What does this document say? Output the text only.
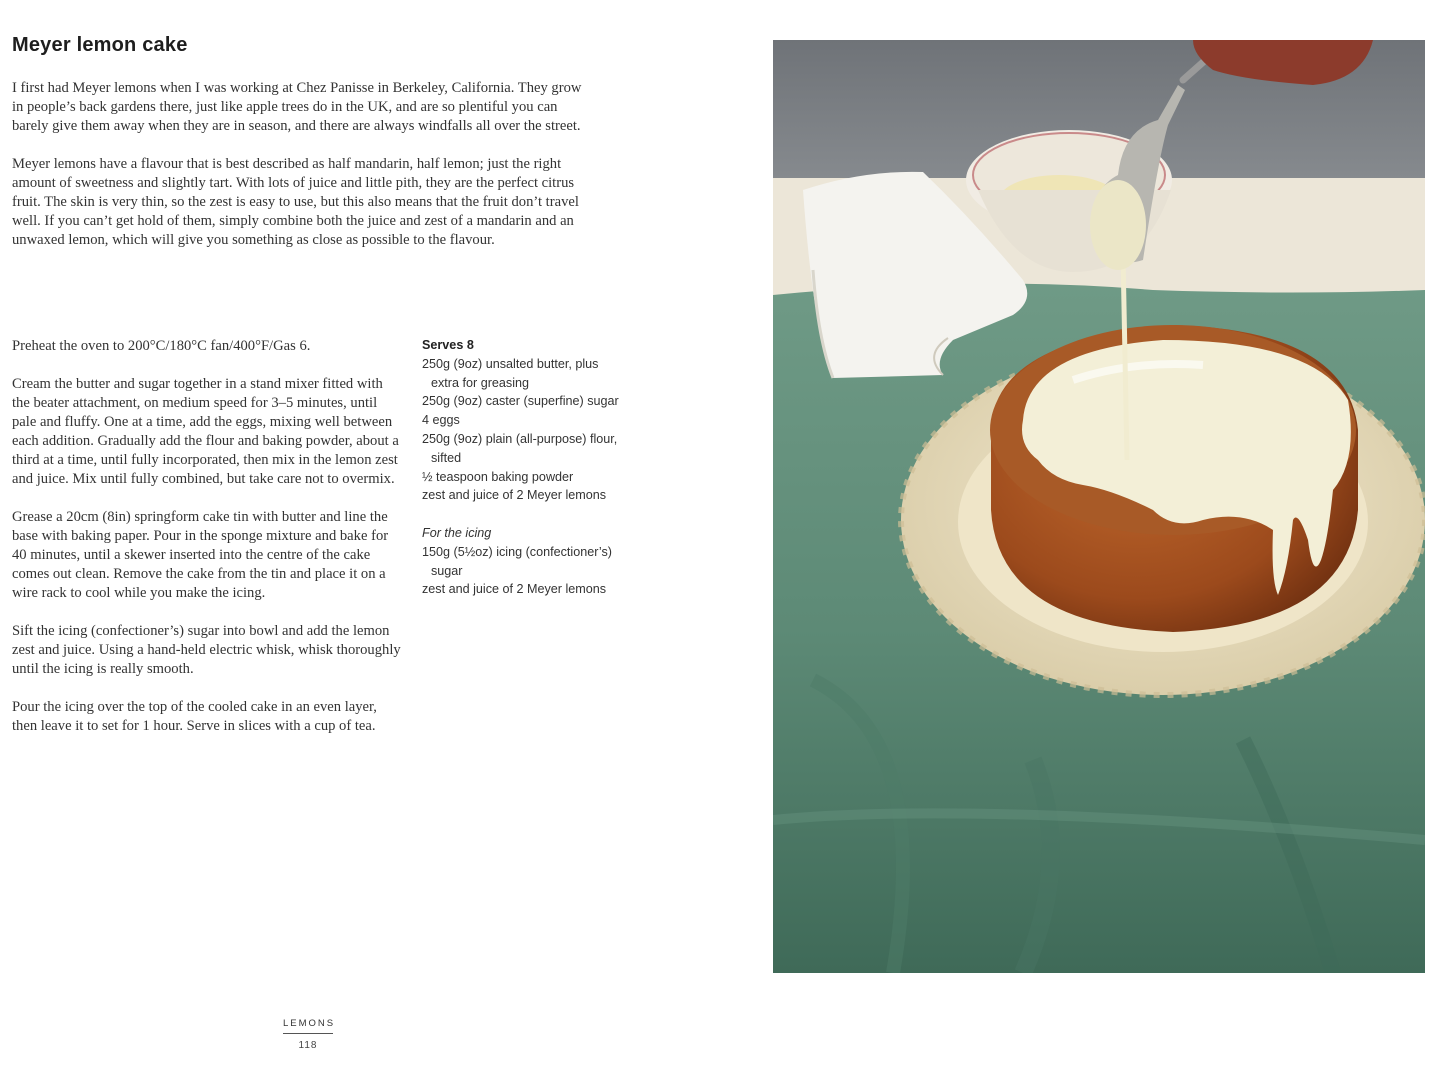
Meyer lemon cake

I first had Meyer lemons when I was working at Chez Panisse in Berkeley, California. They grow in people’s back gardens there, just like apple trees do in the UK, and are so plentiful you can barely give them away when they are in season, and there are always windfalls all over the street.

Meyer lemons have a flavour that is best described as half mandarin, half lemon; just the right amount of sweetness and slightly tart. With lots of juice and little pith, they are the perfect citrus fruit. The skin is very thin, so the zest is easy to use, but this also means that the fruit don’t travel well. If you can’t get hold of them, simply combine both the juice and zest of a mandarin and an unwaxed lemon, which will give you something as close as possible to the flavour.

Preheat the oven to 200°C/180°C fan/400°F/Gas 6.

Cream the butter and sugar together in a stand mixer fitted with the beater attachment, on medium speed for 3–5 minutes, until pale and fluffy. One at a time, add the eggs, mixing well between each addition. Gradually add the flour and baking powder, about a third at a time, until fully incorporated, then mix in the lemon zest and juice. Mix until fully combined, but take care not to overmix.

Grease a 20cm (8in) springform cake tin with butter and line the base with baking paper. Pour in the sponge mixture and bake for 40 minutes, until a skewer inserted into the centre of the cake comes out clean. Remove the cake from the tin and place it on a wire rack to cool while you make the icing.

Sift the icing (confectioner’s) sugar into bowl and add the lemon zest and juice. Using a hand-held electric whisk, whisk thoroughly until the icing is really smooth.

Pour the icing over the top of the cooled cake in an even layer, then leave it to set for 1 hour. Serve in slices with a cup of tea.

Serves 8
250g (9oz) unsalted butter, plus extra for greasing
250g (9oz) caster (superfine) sugar
4 eggs
250g (9oz) plain (all-purpose) flour, sifted
½ teaspoon baking powder
zest and juice of 2 Meyer lemons
For the icing
150g (5½oz) icing (confectioner’s) sugar
zest and juice of 2 Meyer lemons
LEMONS
118
